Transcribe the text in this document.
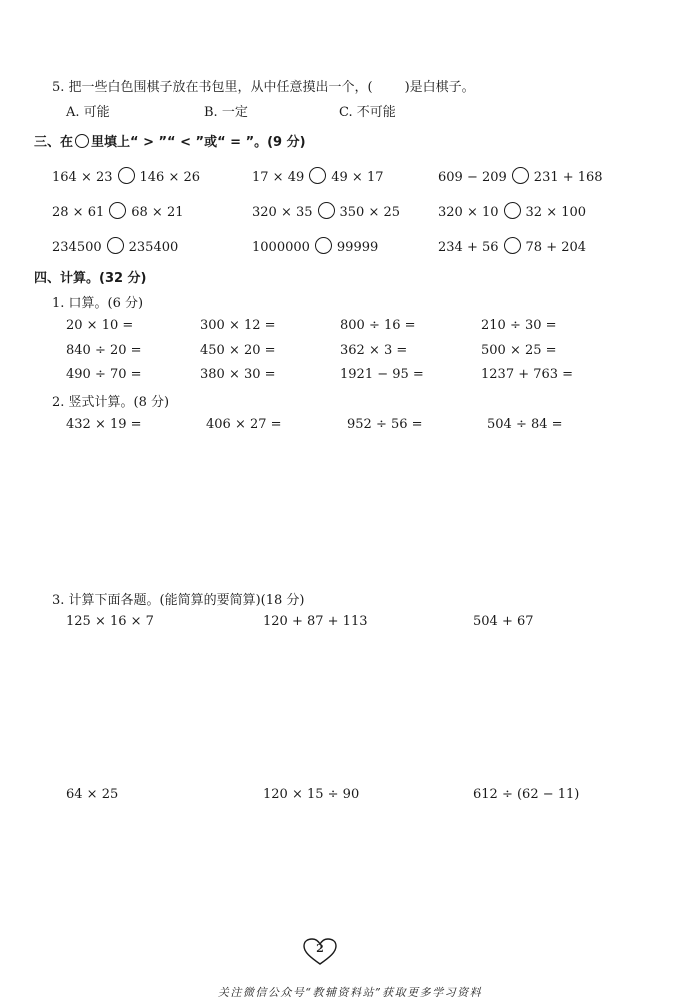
5. 把一些白色围棋子放在书包里，从中任意摸出一个，( )是白棋子。
A. 可能	B. 一定	C. 不可能
三、在 里填上“ > ”“ < ”或“ = ”。(9 分)
164 × 23 146 × 26	17 × 49 49 × 17	609 − 209 231 + 168
28 × 61 68 × 21	320 × 35 350 × 25	320 × 10 32 × 100
234500 235400	1000000 99999	234 + 56 78 + 204
四、计算。(32 分)
1. 口算。(6 分)
20 × 10 =	300 × 12 =	800 ÷ 16 =	210 ÷ 30 =
840 ÷ 20 =	450 × 20 =	362 × 3 =	500 × 25 =
490 ÷ 70 =	380 × 30 =	1921 − 95 =	1237 + 763 =
2. 竖式计算。(8 分)
432 × 19 =	406 × 27 =	952 ÷ 56 =	504 ÷ 84 =
3. 计算下面各题。(能简算的要简算)(18 分)
125 × 16 × 7	120 + 87 + 113	504 + 67
64 × 25	120 × 15 ÷ 90	612 ÷ (62 − 11)
2
关注微信公众号“教辅资料站”获取更多学习资料
